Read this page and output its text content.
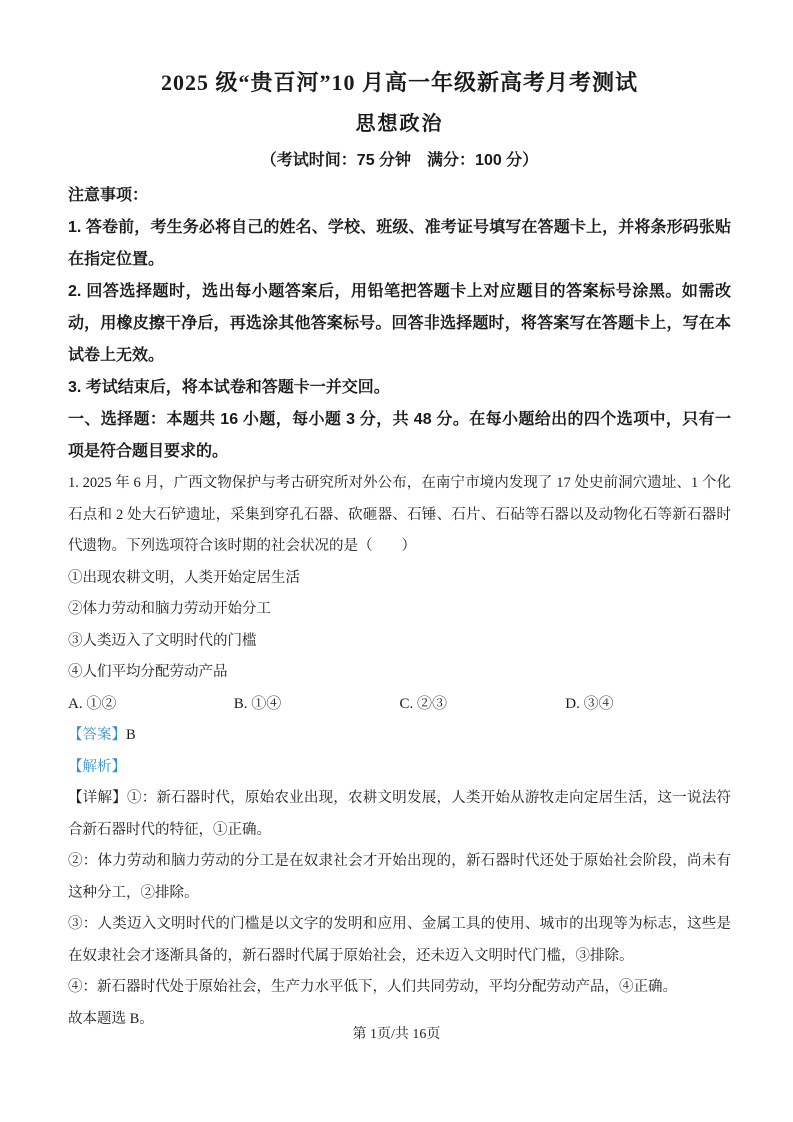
2025 级“贵百河”10 月高一年级新高考月考测试
思想政治

（考试时间：75 分钟　满分：100 分）

注意事项：

1. 答卷前，考生务必将自己的姓名、学校、班级、准考证号填写在答题卡上，并将条形码张贴在指定位置。

2. 回答选择题时，选出每小题答案后，用铅笔把答题卡上对应题目的答案标号涂黑。如需改动，用橡皮擦干净后，再选涂其他答案标号。回答非选择题时，将答案写在答题卡上，写在本试卷上无效。

3. 考试结束后，将本试卷和答题卡一并交回。

一、选择题：本题共 16 小题，每小题 3 分，共 48 分。在每小题给出的四个选项中，只有一项是符合题目要求的。

1. 2025 年 6 月，广西文物保护与考古研究所对外公布，在南宁市境内发现了 17 处史前洞穴遗址、1 个化石点和 2 处大石铲遗址，采集到穿孔石器、砍砸器、石锤、石片、石砧等石器以及动物化石等新石器时代遗物。下列选项符合该时期的社会状况的是（　　）

①出现农耕文明，人类开始定居生活

②体力劳动和脑力劳动开始分工

③人类迈入了文明时代的门槛

④人们平均分配劳动产品

A. ①②	B. ①④	C. ②③	D. ③④

【答案】B

【解析】

【详解】①：新石器时代，原始农业出现，农耕文明发展，人类开始从游牧走向定居生活，这一说法符合新石器时代的特征，①正确。

②：体力劳动和脑力劳动的分工是在奴隶社会才开始出现的，新石器时代还处于原始社会阶段，尚未有这种分工，②排除。

③：人类迈入文明时代的门槛是以文字的发明和应用、金属工具的使用、城市的出现等为标志，这些是在奴隶社会才逐渐具备的，新石器时代属于原始社会，还未迈入文明时代门槛，③排除。

④：新石器时代处于原始社会，生产力水平低下，人们共同劳动，平均分配劳动产品，④正确。

故本题选 B。

第 1页/共 16页
